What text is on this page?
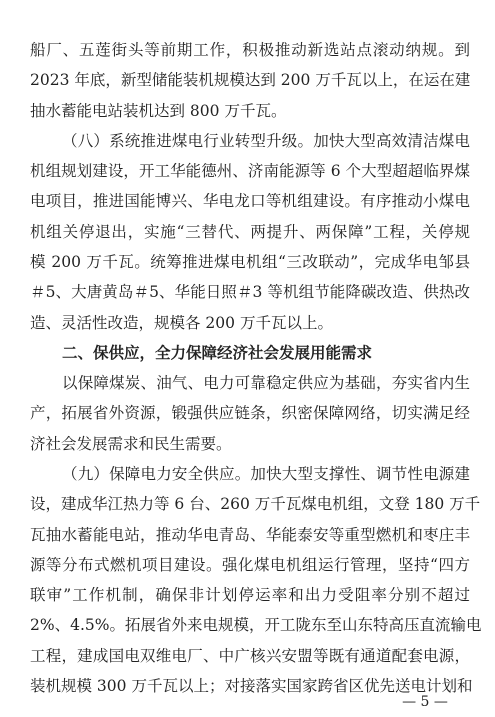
船厂、五莲街头等前期工作，积极推动新选站点滚动纳规。到
2023 年底，新型储能装机规模达到 200 万千瓦以上，在运在建
抽水蓄能电站装机达到 800 万千瓦。
（八）系统推进煤电行业转型升级。加快大型高效清洁煤电
机组规划建设，开工华能德州、济南能源等 6 个大型超超临界煤
电项目，推进国能博兴、华电龙口等机组建设。有序推动小煤电
机组关停退出，实施“三替代、两提升、两保障”工程，关停规
模 200 万千瓦。统筹推进煤电机组“三改联动”，完成华电邹县
＃5、大唐黄岛＃5、华能日照＃3 等机组节能降碳改造、供热改
造、灵活性改造，规模各 200 万千瓦以上。
二、保供应，全力保障经济社会发展用能需求
以保障煤炭、油气、电力可靠稳定供应为基础，夯实省内生
产，拓展省外资源，锻强供应链条，织密保障网络，切实满足经
济社会发展需求和民生需要。
（九）保障电力安全供应。加快大型支撑性、调节性电源建
设，建成华江热力等 6 台、260 万千瓦煤电机组，文登 180 万千
瓦抽水蓄能电站，推动华电青岛、华能泰安等重型燃机和枣庄丰
源等分布式燃机项目建设。强化煤电机组运行管理，坚持“四方
联审”工作机制，确保非计划停运率和出力受阻率分别不超过
2%、4.5%。拓展省外来电规模，开工陇东至山东特高压直流输电
工程，建成国电双维电厂、中广核兴安盟等既有通道配套电源，
装机规模 300 万千瓦以上；对接落实国家跨省区优先送电计划和
— 5 —
